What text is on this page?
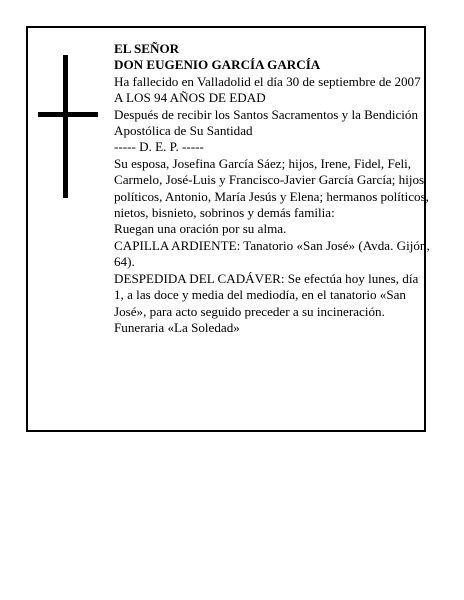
EL SEÑOR

DON EUGENIO GARCÍA GARCÍA

Ha fallecido en Valladolid el día 30 de septiembre de 2007

A LOS 94 AÑOS DE EDAD

Después de recibir los Santos Sacramentos y la Bendición Apostólica de Su Santidad

----- D. E. P. -----

Su esposa, Josefina García Sáez; hijos, Irene, Fidel, Feli, Carmelo, José-Luis y Francisco-Javier García García; hijos políticos, Antonio, María Jesús y Elena; hermanos políticos, nietos, bisnieto, sobrinos y demás familia:

Ruegan una oración por su alma.

CAPILLA ARDIENTE: Tanatorio «San José» (Avda. Gijón, 64).

DESPEDIDA DEL CADÁVER: Se efectúa hoy lunes, día 1, a las doce y media del mediodía, en el tanatorio «San José», para acto seguido preceder a su incineración.

Funeraria «La Soledad»
